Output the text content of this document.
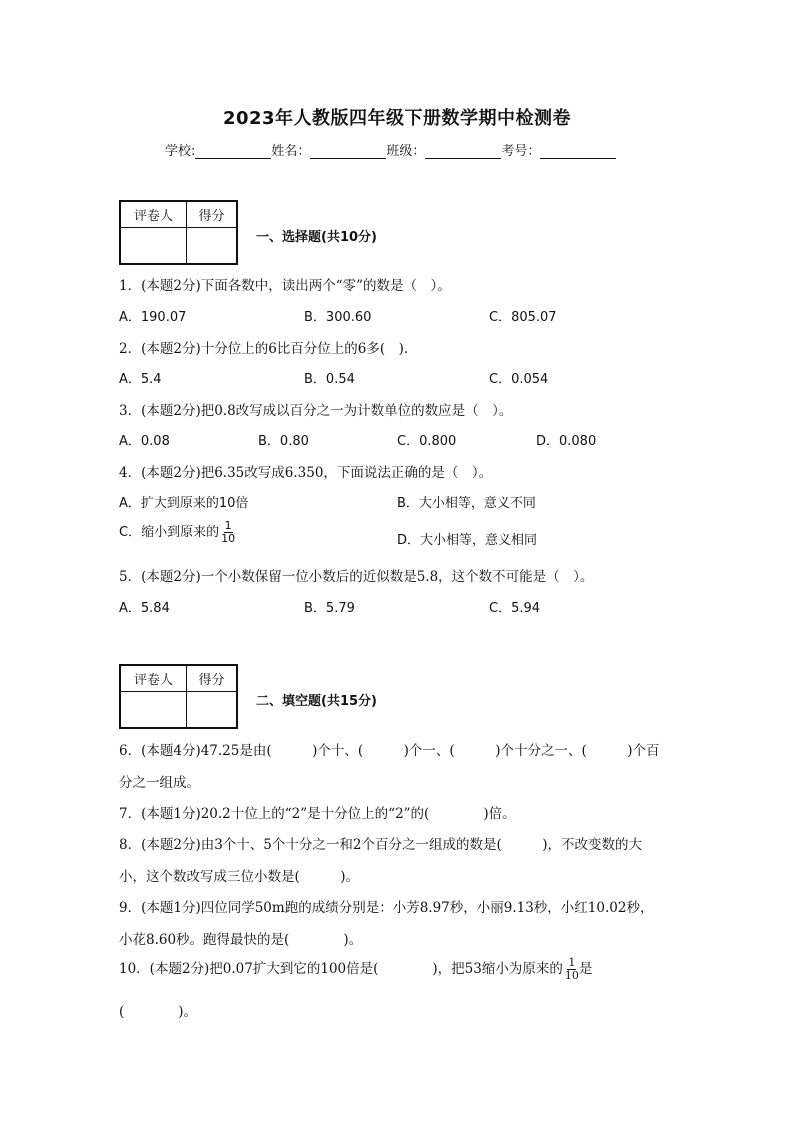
2023年人教版四年级下册数学期中检测卷
学校:	姓名：	班级：	考号：
评卷人	得分
一、选择题(共10分)
1．(本题2分)下面各数中，读出两个“零”的数是（　）。
A．190.07	B．300.60	C．805.07
2．(本题2分)十分位上的6比百分位上的6多(　).
A．5.4	B．0.54	C．0.054
3．(本题2分)把0.8改写成以百分之一为计数单位的数应是（　）。
A．0.08	B．0.80	C．0.800	D．0.080
4．(本题2分)把6.35改写成6.350，下面说法正确的是（　）。
A．扩大到原来的10倍	B．大小相等，意义不同
C．缩小到原来的 $\frac{1}{10}$	D．大小相等，意义相同
5．(本题2分)一个小数保留一位小数后的近似数是5.8，这个数不可能是（　）。
A．5.84	B．5.79	C．5.94
评卷人	得分
二、填空题(共15分)
6．(本题4分)47.25是由(　　　)个十、(　　　)个一、(　　　)个十分之一、(　　　)个百
分之一组成。
7．(本题1分)20.2十位上的“2”是十分位上的“2”的(　　　　)倍。
8．(本题2分)由3个十、5个十分之一和2个百分之一组成的数是(　　　)，不改变数的大
小，这个数改写成三位小数是(　　　)。
9．(本题1分)四位同学50m跑的成绩分别是：小芳8.97秒，小丽9.13秒，小红10.02秒，
小花8.60秒。跑得最快的是(　　　　)。
10．(本题2分)把0.07扩大到它的100倍是(　　　　)，把53缩小为原来的 $\frac{1}{10}$ 是
(　　　　)。
